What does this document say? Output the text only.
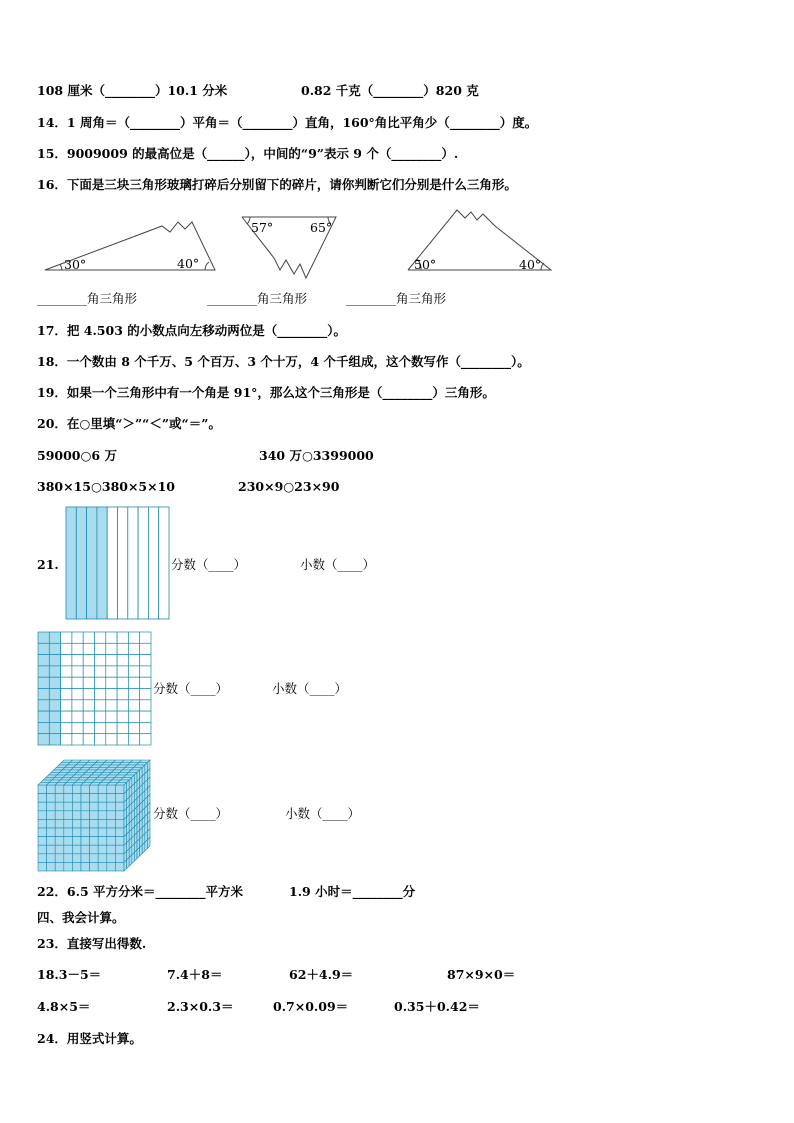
108 厘米（________）10.1 分米	0.82 千克（________）820 克
14．1 周角＝（________）平角＝（________）直角，160°角比平角少（________）度。
15．9009009 的最高位是（______），中间的“9”表示 9 个（________）.
16．下面是三块三角形玻璃打碎后分别留下的碎片，请你判断它们分别是什么三角形。
30°	40°
57°	65°
50°	40°
________角三角形	________角三角形	________角三角形
17．把 4.503 的小数点向左移动两位是（________）。
18．一个数由 8 个千万、5 个百万、3 个十万，4 个千组成，这个数写作（________）。
19．如果一个三角形中有一个角是 91°，那么这个三角形是（________）三角形。
20．在○里填“＞”“＜”或“＝”。
59000○6 万	340 万○3399000
380×15○380×5×10	230×9○23×90
21.	分数（____）	小数（____）
分数（____）	小数（____）
分数（____）	小数（____）
22．6.5 平方分米＝________平方米	1.9 小时＝________分
四、我会计算。
23．直接写出得数.
18.3－5＝	7.4＋8＝	62＋4.9＝	87×9×0＝
4.8×5＝	2.3×0.3＝	0.7×0.09＝	0.35＋0.42＝
24．用竖式计算。
